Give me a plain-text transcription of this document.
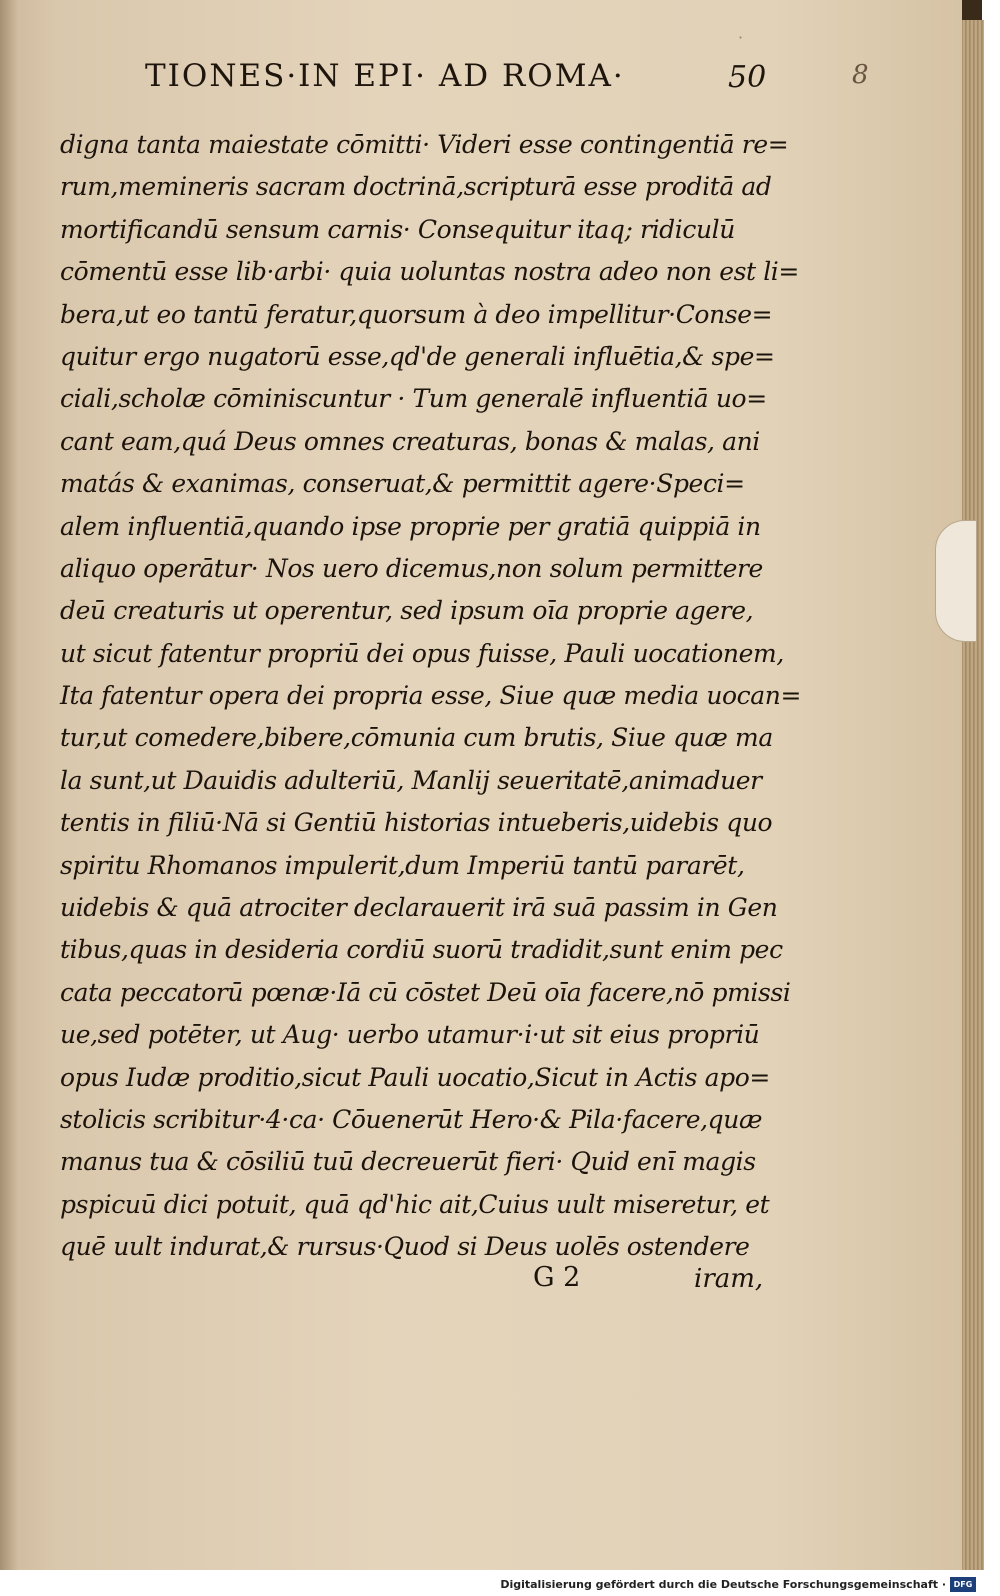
·
TIONES·IN EPI· AD ROMA·	50	8
digna tanta maiestate cōmitti· Videri esse contingentiā re=
rum,memineris sacram doctrinā,scripturā esse proditā ad
mortificandū sensum carnis· Consequitur itaq; ridiculū
cōmentū esse lib·arbi· quia uoluntas nostra adeo non est li=
bera,ut eo tantū feratur,quorsum à deo impellitur·Conse=
quitur ergo nugatorū esse,qd'de generali influētia,& spe=
ciali,scholæ cōminiscuntur · Tum generalē influentiā uo=
cant eam,quá Deus omnes creaturas, bonas & malas, ani
matás & exanimas, conseruat,& permittit agere·Speci=
alem influentiā,quando ipse proprie per gratiā quippiā in
aliquo operātur· Nos uero dicemus,non solum permittere
deū creaturis ut operentur, sed ipsum oīa proprie agere,
ut sicut fatentur propriū dei opus fuisse, Pauli uocationem,
Ita fatentur opera dei propria esse, Siue quæ media uocan=
tur,ut comedere,bibere,cōmunia cum brutis, Siue quæ ma
la sunt,ut Dauidis adulteriū, Manlij seueritatē,animaduer
tentis in filiū·Nā si Gentiū historias intueberis,uidebis quo
spiritu Rhomanos impulerit,dum Imperiū tantū pararēt,
uidebis & quā atrociter declarauerit irā suā passim in Gen
tibus,quas in desideria cordiū suorū tradidit,sunt enim pec
cata peccatorū pœnæ·Iā cū cōstet Deū oīa facere,nō pmissi
ue,sed potēter, ut Aug· uerbo utamur·i·ut sit eius propriū
opus Iudæ proditio,sicut Pauli uocatio,Sicut in Actis apo=
stolicis scribitur·4·ca· Cōuenerūt Hero·& Pila·facere,quæ
manus tua & cōsiliū tuū decreuerūt fieri· Quid enī magis
pspicuū dici potuit, quā qd'hic ait,Cuius uult miseretur, et
quē uult indurat,& rursus·Quod si Deus uolēs ostendere
G 2	iram,
Digitalisierung gefördert durch die Deutsche Forschungsgemeinschaft · DFG
